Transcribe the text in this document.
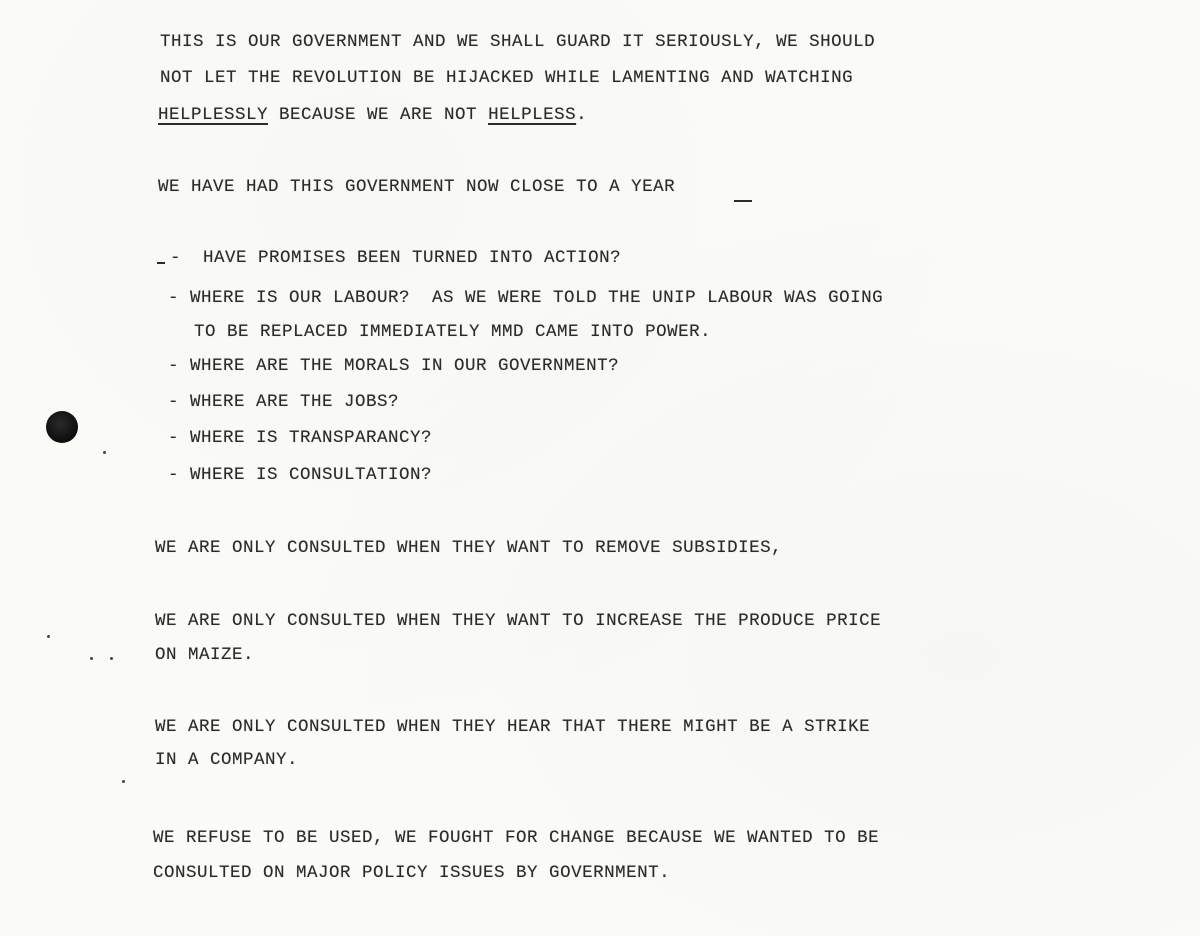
THIS IS OUR GOVERNMENT AND WE SHALL GUARD IT SERIOUSLY, WE SHOULD
NOT LET THE REVOLUTION BE HIJACKED WHILE LAMENTING AND WATCHING
HELPLESSLY BECAUSE WE ARE NOT HELPLESS.
WE HAVE HAD THIS GOVERNMENT NOW CLOSE TO A YEAR
-  HAVE PROMISES BEEN TURNED INTO ACTION?
- WHERE IS OUR LABOUR?  AS WE WERE TOLD THE UNIP LABOUR WAS GOING
TO BE REPLACED IMMEDIATELY MMD CAME INTO POWER.
- WHERE ARE THE MORALS IN OUR GOVERNMENT?
- WHERE ARE THE JOBS?
- WHERE IS TRANSPARANCY?
- WHERE IS CONSULTATION?
WE ARE ONLY CONSULTED WHEN THEY WANT TO REMOVE SUBSIDIES,
WE ARE ONLY CONSULTED WHEN THEY WANT TO INCREASE THE PRODUCE PRICE
ON MAIZE.
WE ARE ONLY CONSULTED WHEN THEY HEAR THAT THERE MIGHT BE A STRIKE
IN A COMPANY.
WE REFUSE TO BE USED, WE FOUGHT FOR CHANGE BECAUSE WE WANTED TO BE
CONSULTED ON MAJOR POLICY ISSUES BY GOVERNMENT.
